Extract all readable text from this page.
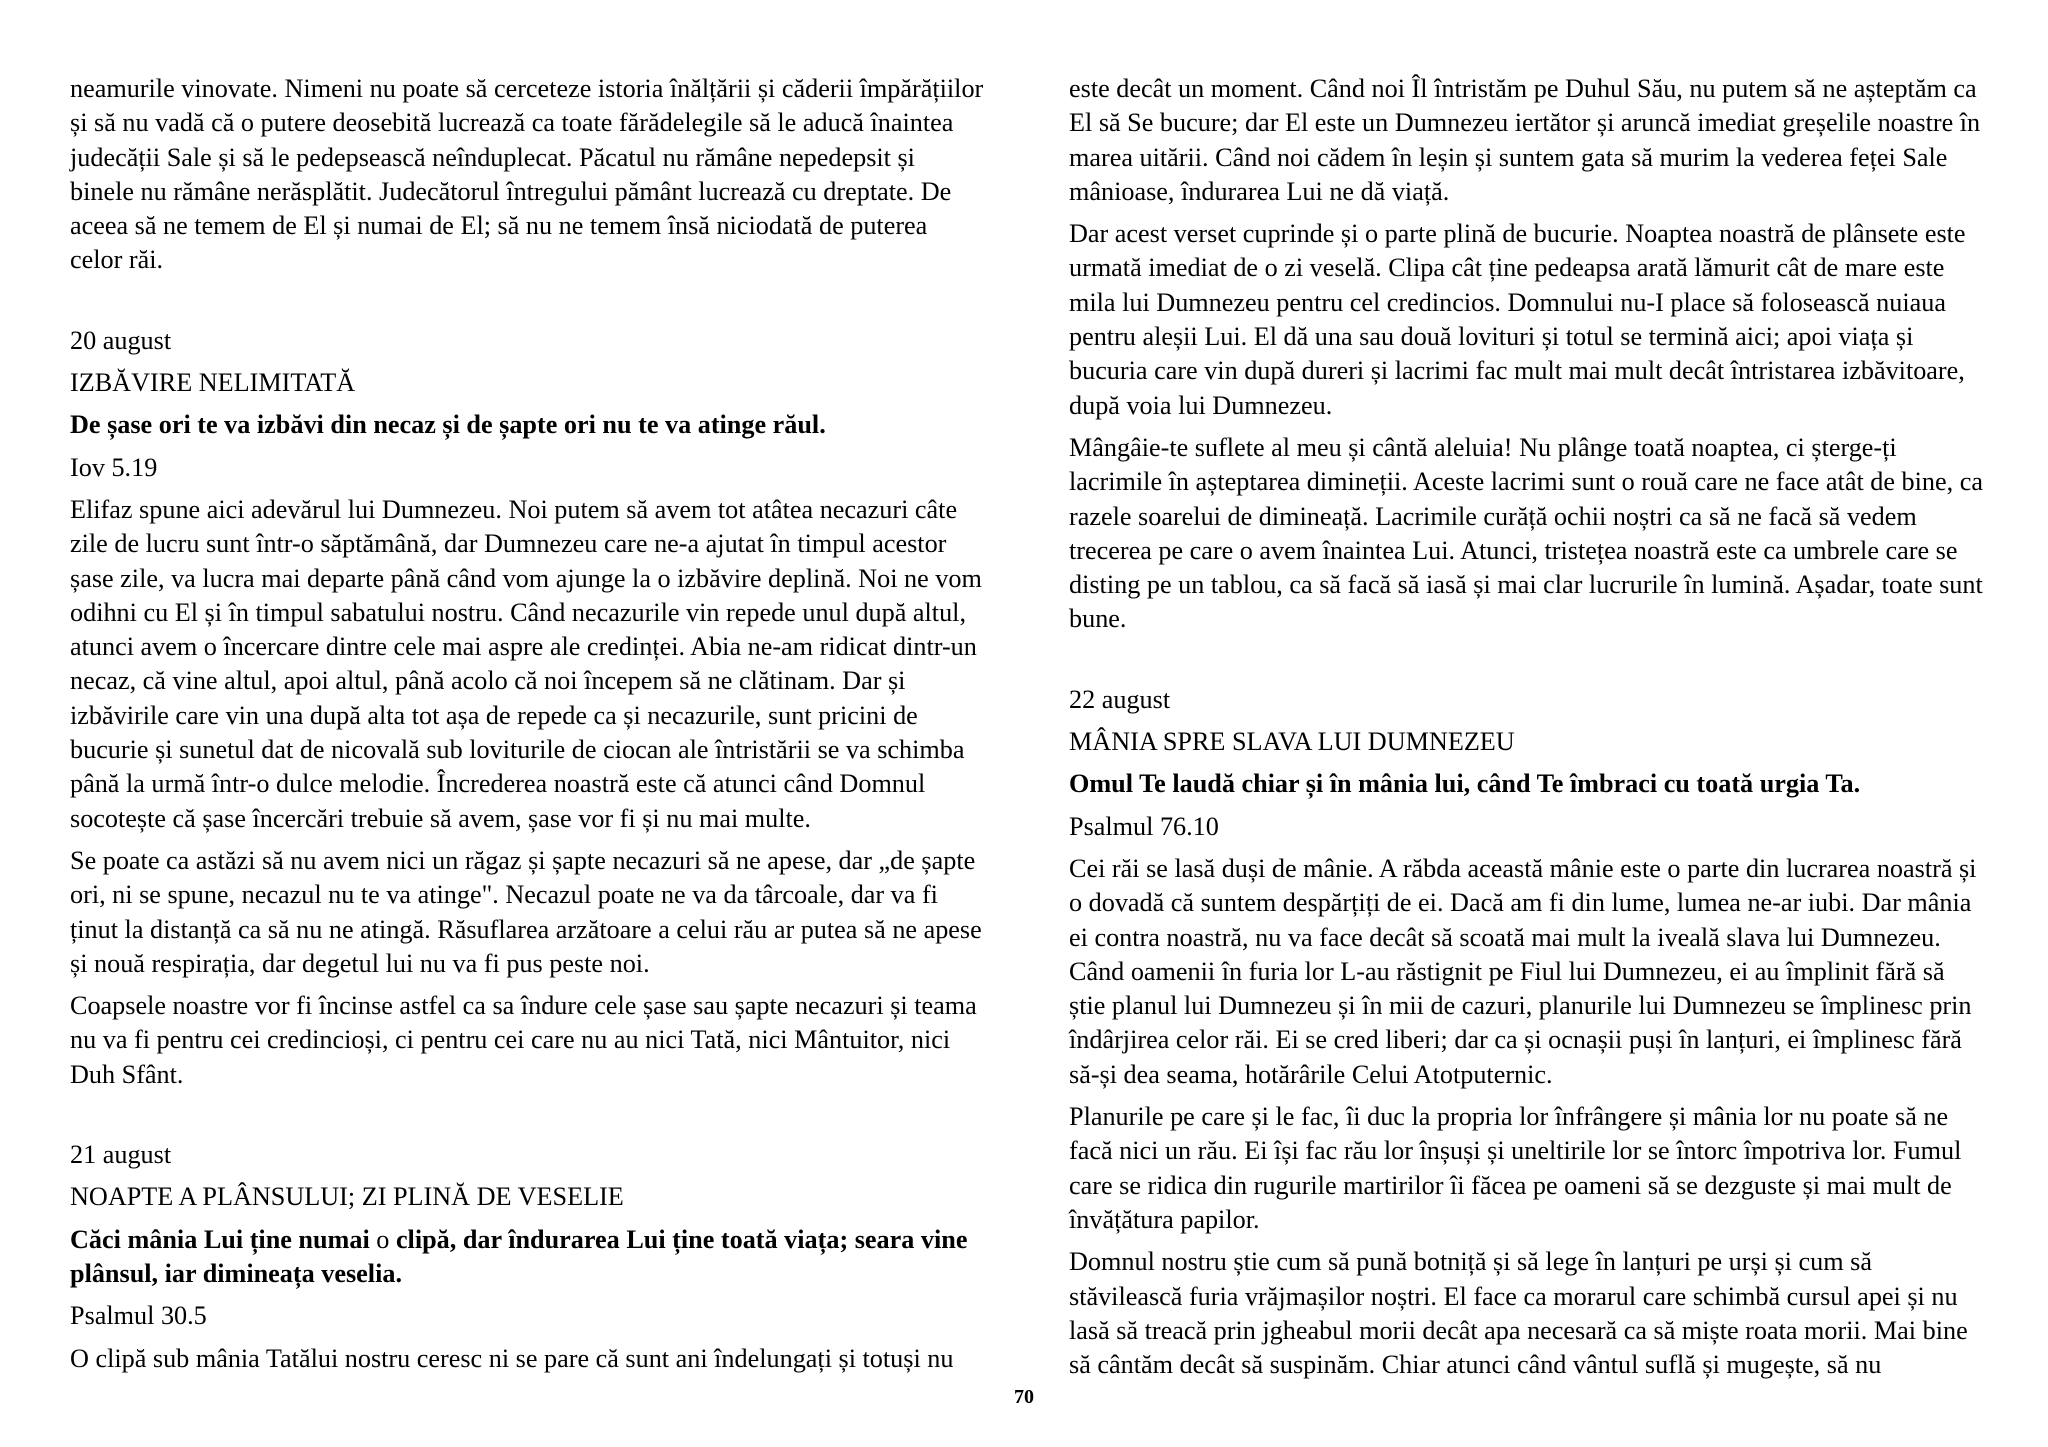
neamurile vinovate. Nimeni nu poate să cerceteze istoria înălțării și căderii împărățiilor și să nu vadă că o putere deosebită lucrează ca toate fărădelegile să le aducă înaintea judecății Sale și să le pedepsească neînduplecat. Păcatul nu rămâne nepedepsit și binele nu rămâne nerăsplătit. Judecătorul întregului pământ lucrează cu dreptate. De aceea să ne temem de El și numai de El; să nu ne temem însă niciodată de puterea celor răi.

20 august

IZBĂVIRE NELIMITATĂ

De șase ori te va izbăvi din necaz și de șapte ori nu te va atinge răul.

Iov 5.19

Elifaz spune aici adevărul lui Dumnezeu. Noi putem să avem tot atâtea necazuri câte zile de lucru sunt într-o săptămână, dar Dumnezeu care ne-a ajutat în timpul acestor șase zile, va lucra mai departe până când vom ajunge la o izbăvire deplină. Noi ne vom odihni cu El și în timpul sabatului nostru. Când necazurile vin repede unul după altul, atunci avem o încercare dintre cele mai aspre ale credinței. Abia ne-am ridicat dintr-un necaz, că vine altul, apoi altul, până acolo că noi începem să ne clătinam. Dar și izbăvirile care vin una după alta tot așa de repede ca și necazurile, sunt pricini de bucurie și sunetul dat de nicovală sub loviturile de ciocan ale întristării se va schimba până la urmă într-o dulce melodie. Încrederea noastră este că atunci când Domnul socotește că șase încercări trebuie să avem, șase vor fi și nu mai multe.

Se poate ca astăzi să nu avem nici un răgaz și șapte necazuri să ne apese, dar „de șapte ori, ni se spune, necazul nu te va atinge". Necazul poate ne va da târcoale, dar va fi ținut la distanță ca să nu ne atingă. Răsuflarea arzătoare a celui rău ar putea să ne apese și nouă respirația, dar degetul lui nu va fi pus peste noi.

Coapsele noastre vor fi încinse astfel ca sa îndure cele șase sau șapte necazuri și teama nu va fi pentru cei credincioși, ci pentru cei care nu au nici Tată, nici Mântuitor, nici Duh Sfânt.

21 august

NOAPTE A PLÂNSULUI; ZI PLINĂ DE VESELIE

Căci mânia Lui ține numai o clipă, dar îndurarea Lui ține toată viața; seara vine plânsul, iar dimineața veselia.

Psalmul 30.5

O clipă sub mânia Tatălui nostru ceresc ni se pare că sunt ani îndelungați și totuși nu

este decât un moment. Când noi Îl întristăm pe Duhul Său, nu putem să ne așteptăm ca El să Se bucure; dar El este un Dumnezeu iertător și aruncă imediat greșelile noastre în marea uitării. Când noi cădem în leșin și suntem gata să murim la vederea feței Sale mânioase, îndurarea Lui ne dă viață.

Dar acest verset cuprinde și o parte plină de bucurie. Noaptea noastră de plânsete este urmată imediat de o zi veselă. Clipa cât ține pedeapsa arată lămurit cât de mare este mila lui Dumnezeu pentru cel credincios. Domnului nu-I place să folosească nuiaua pentru aleșii Lui. El dă una sau două lovituri și totul se termină aici; apoi viața și bucuria care vin după dureri și lacrimi fac mult mai mult decât întristarea izbăvitoare, după voia lui Dumnezeu.

Mângâie-te suflete al meu și cântă aleluia! Nu plânge toată noaptea, ci șterge-ți lacrimile în așteptarea dimineții. Aceste lacrimi sunt o rouă care ne face atât de bine, ca razele soarelui de dimineață. Lacrimile curăță ochii noștri ca să ne facă să vedem trecerea pe care o avem înaintea Lui. Atunci, tristețea noastră este ca umbrele care se disting pe un tablou, ca să facă să iasă și mai clar lucrurile în lumină. Așadar, toate sunt bune.

22 august

MÂNIA SPRE SLAVA LUI DUMNEZEU

Omul Te laudă chiar și în mânia lui, când Te îmbraci cu toată urgia Ta.

Psalmul 76.10

Cei răi se lasă duși de mânie. A răbda această mânie este o parte din lucrarea noastră și o dovadă că suntem despărțiți de ei. Dacă am fi din lume, lumea ne-ar iubi. Dar mânia ei contra noastră, nu va face decât să scoată mai mult la iveală slava lui Dumnezeu. Când oamenii în furia lor L-au răstignit pe Fiul lui Dumnezeu, ei au împlinit fără să știe planul lui Dumnezeu și în mii de cazuri, planurile lui Dumnezeu se împlinesc prin îndârjirea celor răi. Ei se cred liberi; dar ca și ocnașii puși în lanțuri, ei împlinesc fără să-și dea seama, hotărârile Celui Atotputernic.

Planurile pe care și le fac, îi duc la propria lor înfrângere și mânia lor nu poate să ne facă nici un rău. Ei își fac rău lor înșuși și uneltirile lor se întorc împotriva lor. Fumul care se ridica din rugurile martirilor îi făcea pe oameni să se dezguste și mai mult de învățătura papilor.

Domnul nostru știe cum să pună botniță și să lege în lanțuri pe urși și cum să stăvilească furia vrăjmașilor noștri. El face ca morarul care schimbă cursul apei și nu lasă să treacă prin jgheabul morii decât apa necesară ca să miște roata morii. Mai bine să cântăm decât să suspinăm. Chiar atunci când vântul suflă și mugește, să nu

70
